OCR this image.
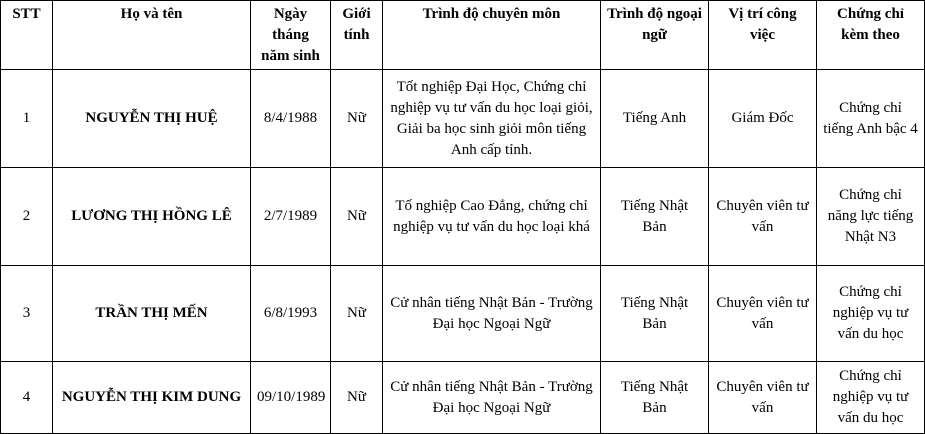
STT	Họ và tên	Ngày tháng năm sinh	Giới tính	Trình độ chuyên môn	Trình độ ngoại ngữ	Vị trí công việc	Chứng chỉ kèm theo
1	NGUYỄN THỊ HUỆ	8/4/1988	Nữ	Tốt nghiệp Đại Học, Chứng chỉ nghiệp vụ tư vấn du học loại giỏi, Giải ba học sinh giỏi môn tiếng Anh cấp tỉnh.	Tiếng Anh	Giám Đốc	Chứng chỉ tiếng Anh bậc 4
2	LƯƠNG THỊ HỒNG LÊ	2/7/1989	Nữ	Tố nghiệp Cao Đẳng, chứng chỉ nghiệp vụ tư vấn du học loại khá	Tiếng Nhật Bản	Chuyên viên tư vấn	Chứng chỉ năng lực tiếng Nhật N3
3	TRẦN THỊ MẾN	6/8/1993	Nữ	Cử nhân tiếng Nhật Bản - Trường Đại học Ngoại Ngữ	Tiếng Nhật Bản	Chuyên viên tư vấn	Chứng chỉ nghiệp vụ tư vấn du học
4	NGUYỄN THỊ KIM DUNG	09/10/1989	Nữ	Cử nhân tiếng Nhật Bản - Trường Đại học Ngoại Ngữ	Tiếng Nhật Bản	Chuyên viên tư vấn	Chứng chỉ nghiệp vụ tư vấn du học
